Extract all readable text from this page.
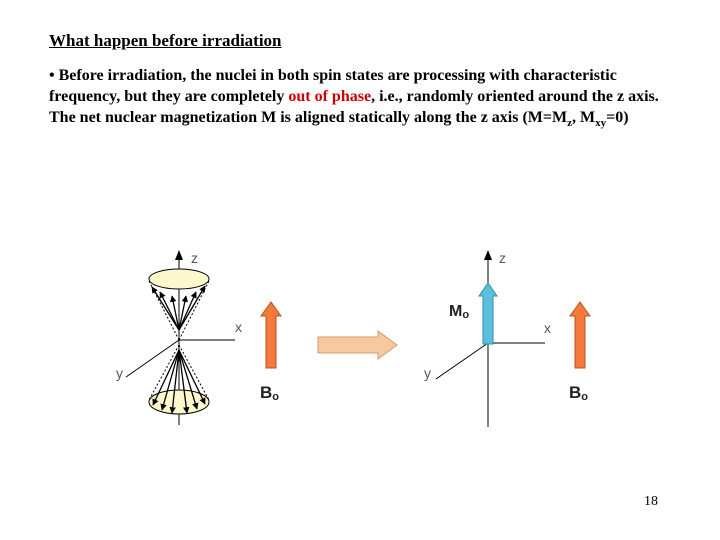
What happen before irradiation
• Before irradiation, the nuclei in both spin states are processing with characteristic frequency, but they are completely out of phase, i.e., randomly oriented around the z axis. The net nuclear magnetization M is aligned statically along the z axis ($M=M_z$, $M_{xy}=0$)
z
x
y
Bo
z
x
y
Mo
Bo
18
